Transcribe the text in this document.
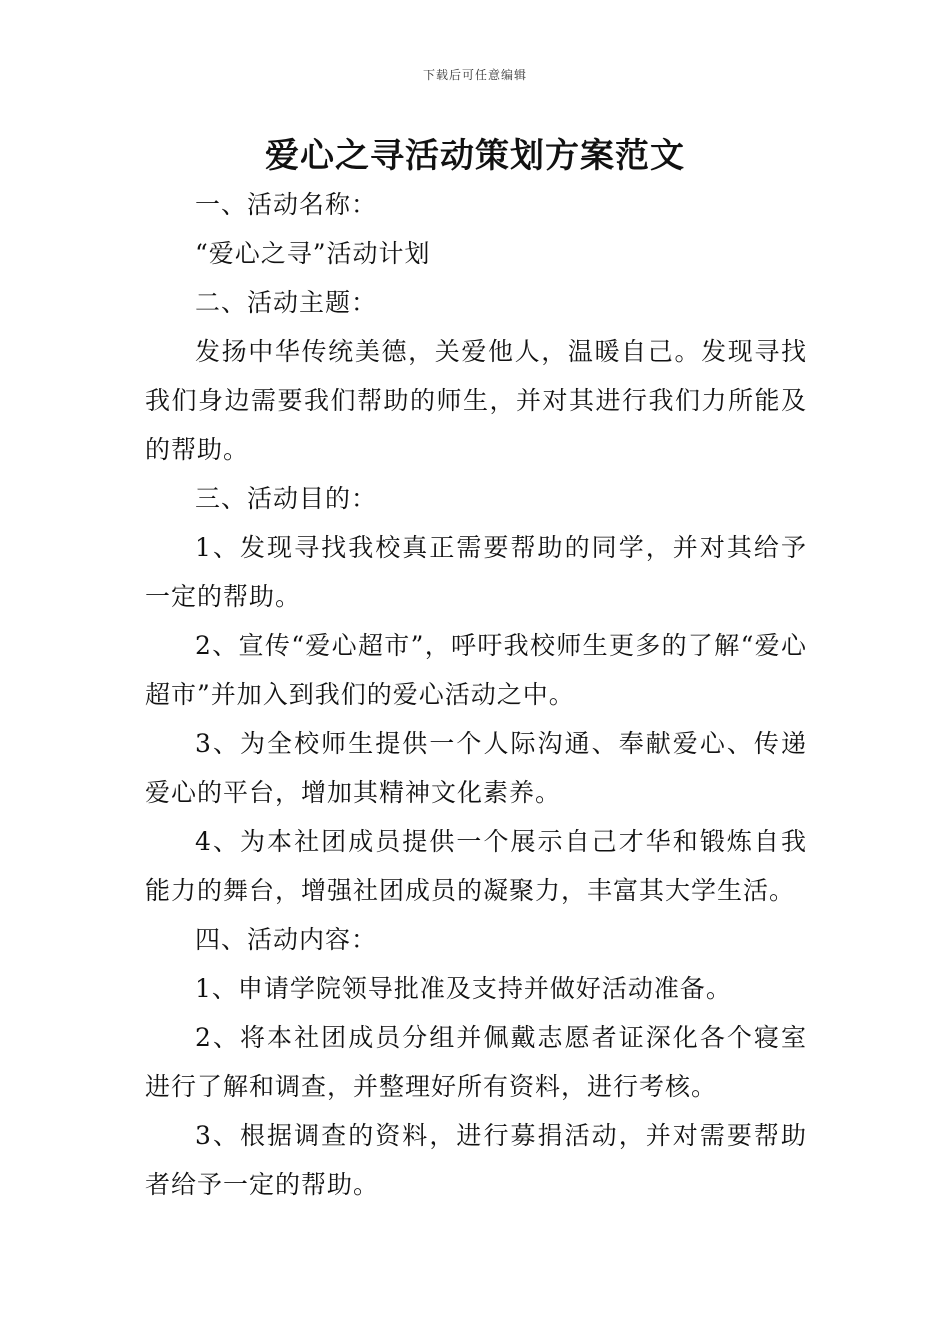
下载后可任意编辑
爱心之寻活动策划方案范文

一、活动名称：

“爱心之寻”活动计划

二、活动主题：

发扬中华传统美德，关爱他人，温暖自己。发现寻找我们身边需要我们帮助的师生，并对其进行我们力所能及的帮助。

三、活动目的：

1、发现寻找我校真正需要帮助的同学，并对其给予一定的帮助。

2、宣传“爱心超市”，呼吁我校师生更多的了解“爱心超市”并加入到我们的爱心活动之中。

3、为全校师生提供一个人际沟通、奉献爱心、传递爱心的平台，增加其精神文化素养。

4、为本社团成员提供一个展示自己才华和锻炼自我能力的舞台，增强社团成员的凝聚力，丰富其大学生活。

四、活动内容：

1、申请学院领导批准及支持并做好活动准备。

2、将本社团成员分组并佩戴志愿者证深化各个寝室进行了解和调查，并整理好所有资料，进行考核。

3、根据调查的资料，进行募捐活动，并对需要帮助者给予一定的帮助。
